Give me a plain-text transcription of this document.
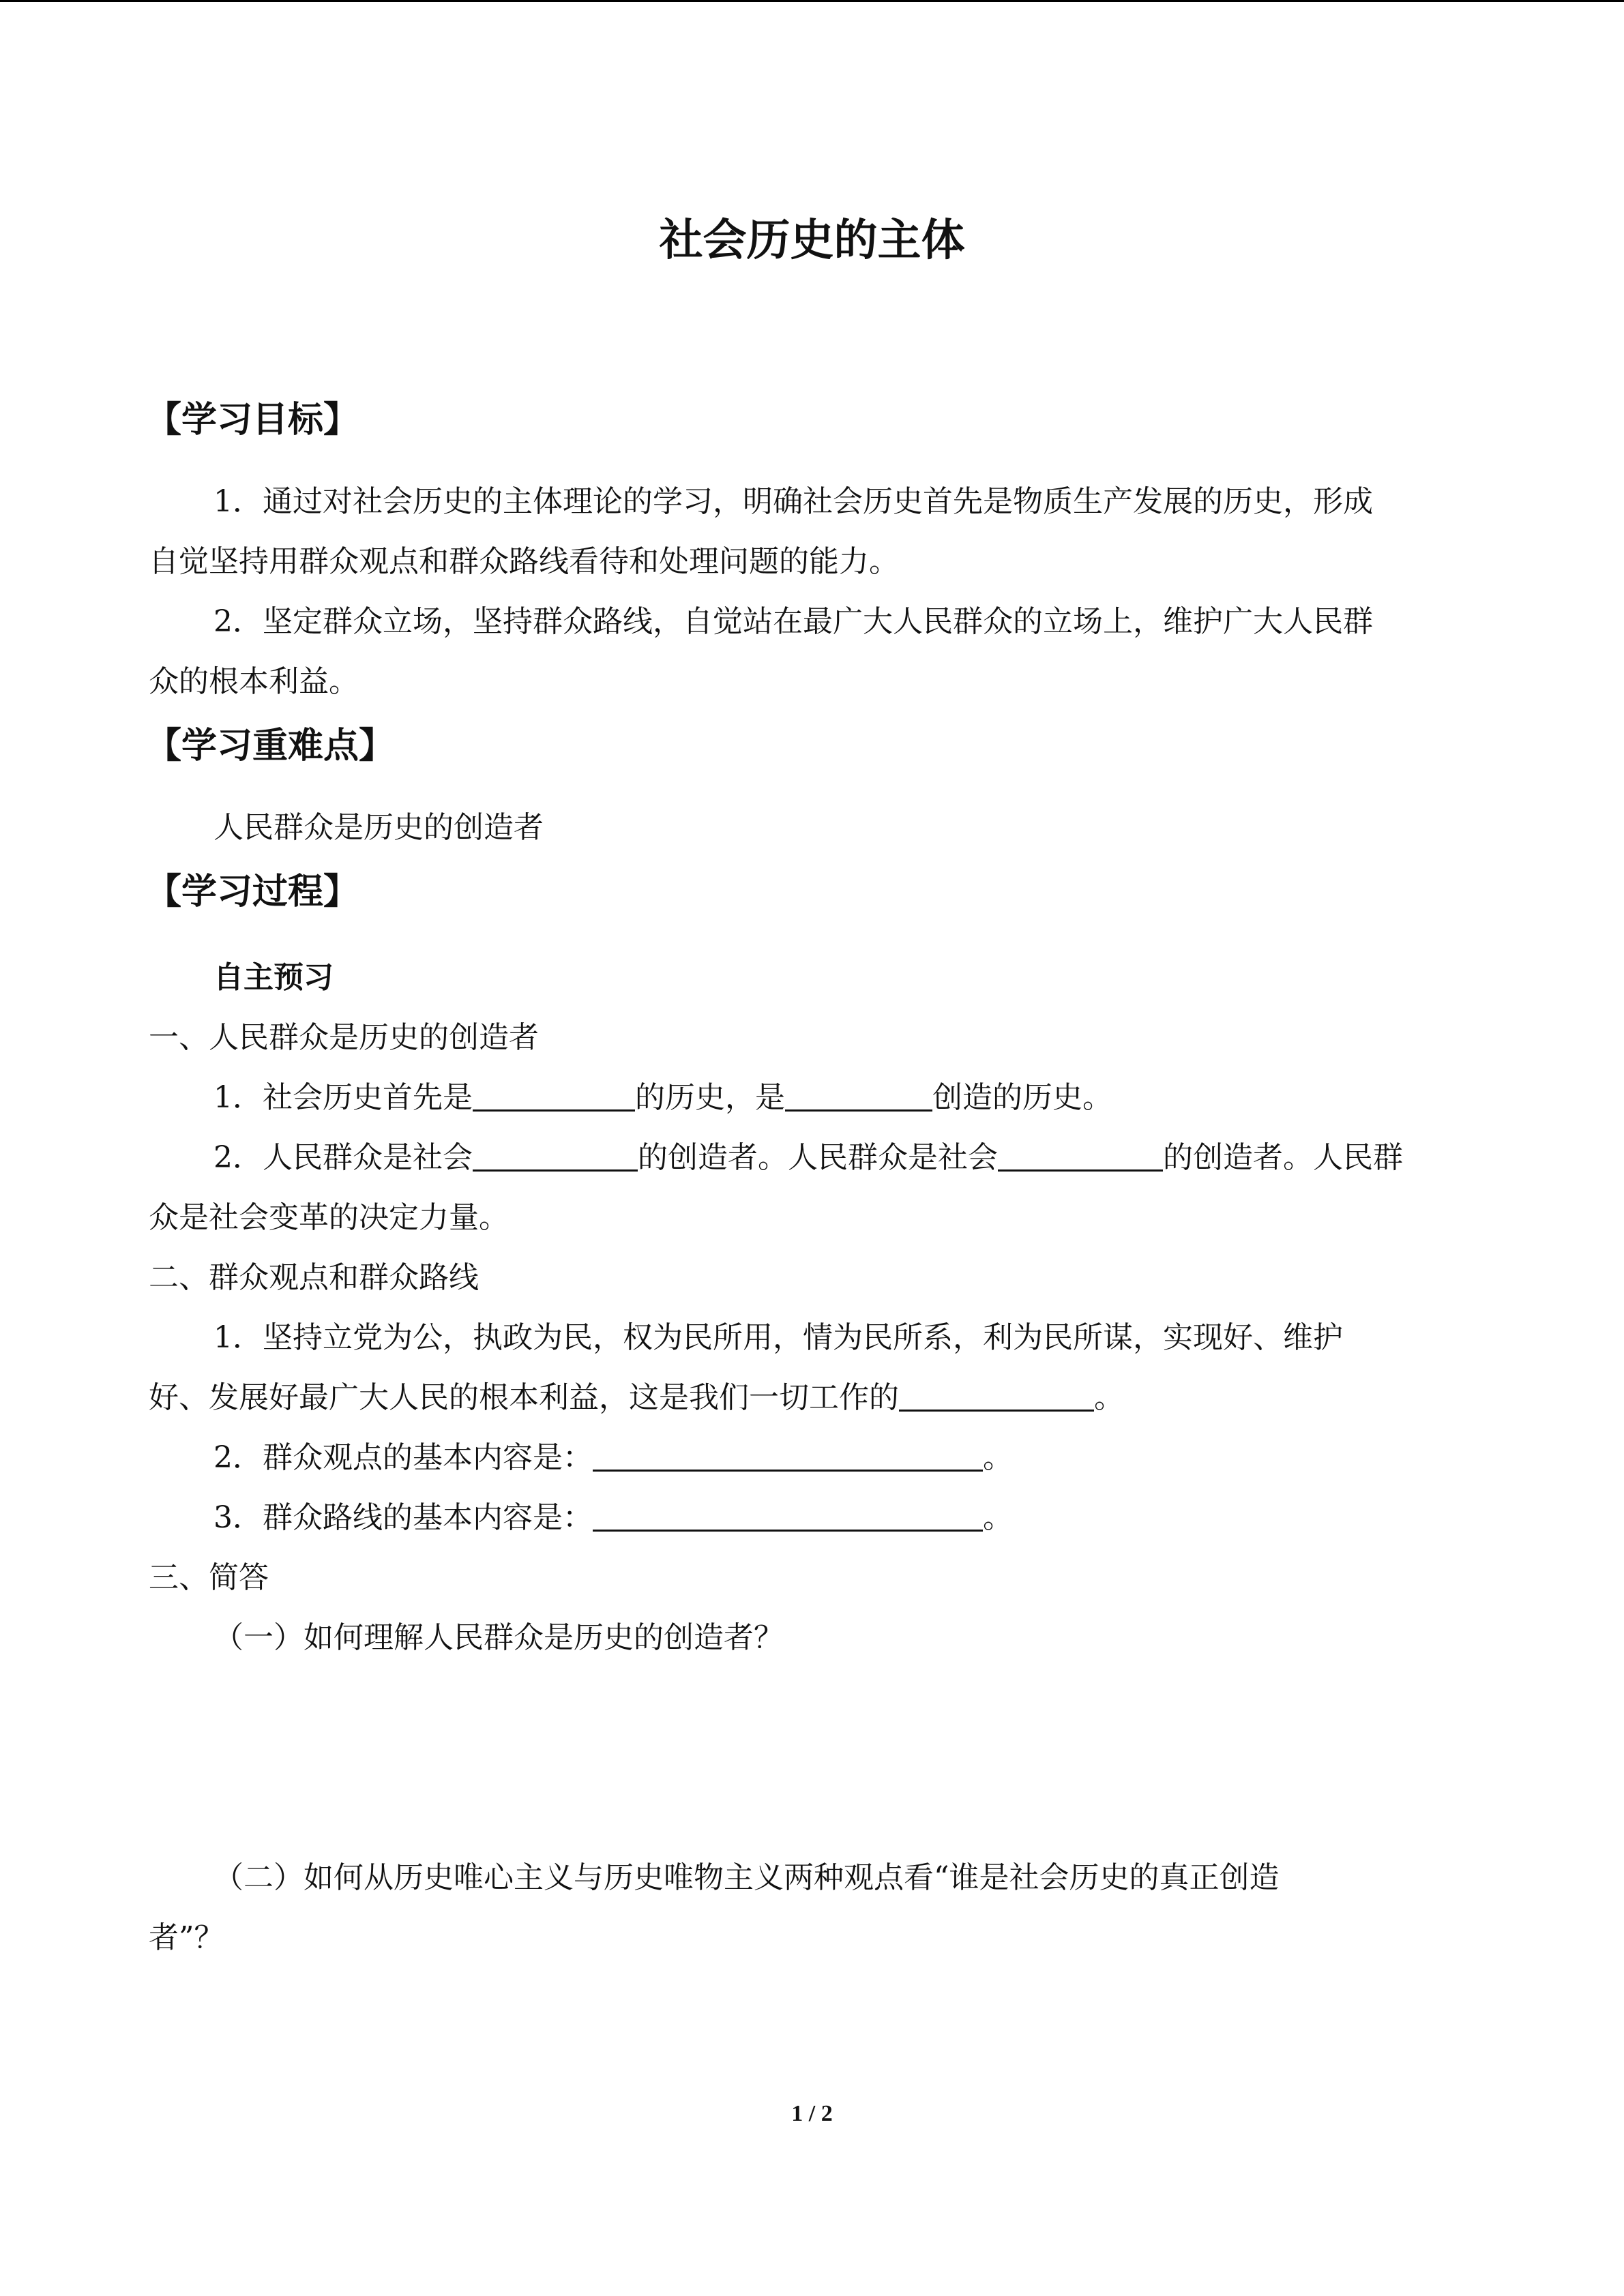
社会历史的主体
【学习目标】
1．通过对社会历史的主体理论的学习，明确社会历史首先是物质生产发展的历史，形成
自觉坚持用群众观点和群众路线看待和处理问题的能力。
2．坚定群众立场，坚持群众路线，自觉站在最广大人民群众的立场上，维护广大人民群
众的根本利益。
【学习重难点】
人民群众是历史的创造者
【学习过程】
自主预习
一、人民群众是历史的创造者
1．社会历史首先是	的历史，是	创造的历史。
2．人民群众是社会	的创造者。人民群众是社会	的创造者。人民群
众是社会变革的决定力量。
二、群众观点和群众路线
1．坚持立党为公，执政为民，权为民所用，情为民所系，利为民所谋，实现好、维护
好、发展好最广大人民的根本利益，这是我们一切工作的	。
2．群众观点的基本内容是：	。
3．群众路线的基本内容是：	。
三、简答
（一）如何理解人民群众是历史的创造者？
（二）如何从历史唯心主义与历史唯物主义两种观点看“谁是社会历史的真正创造
者”？
1 / 2
